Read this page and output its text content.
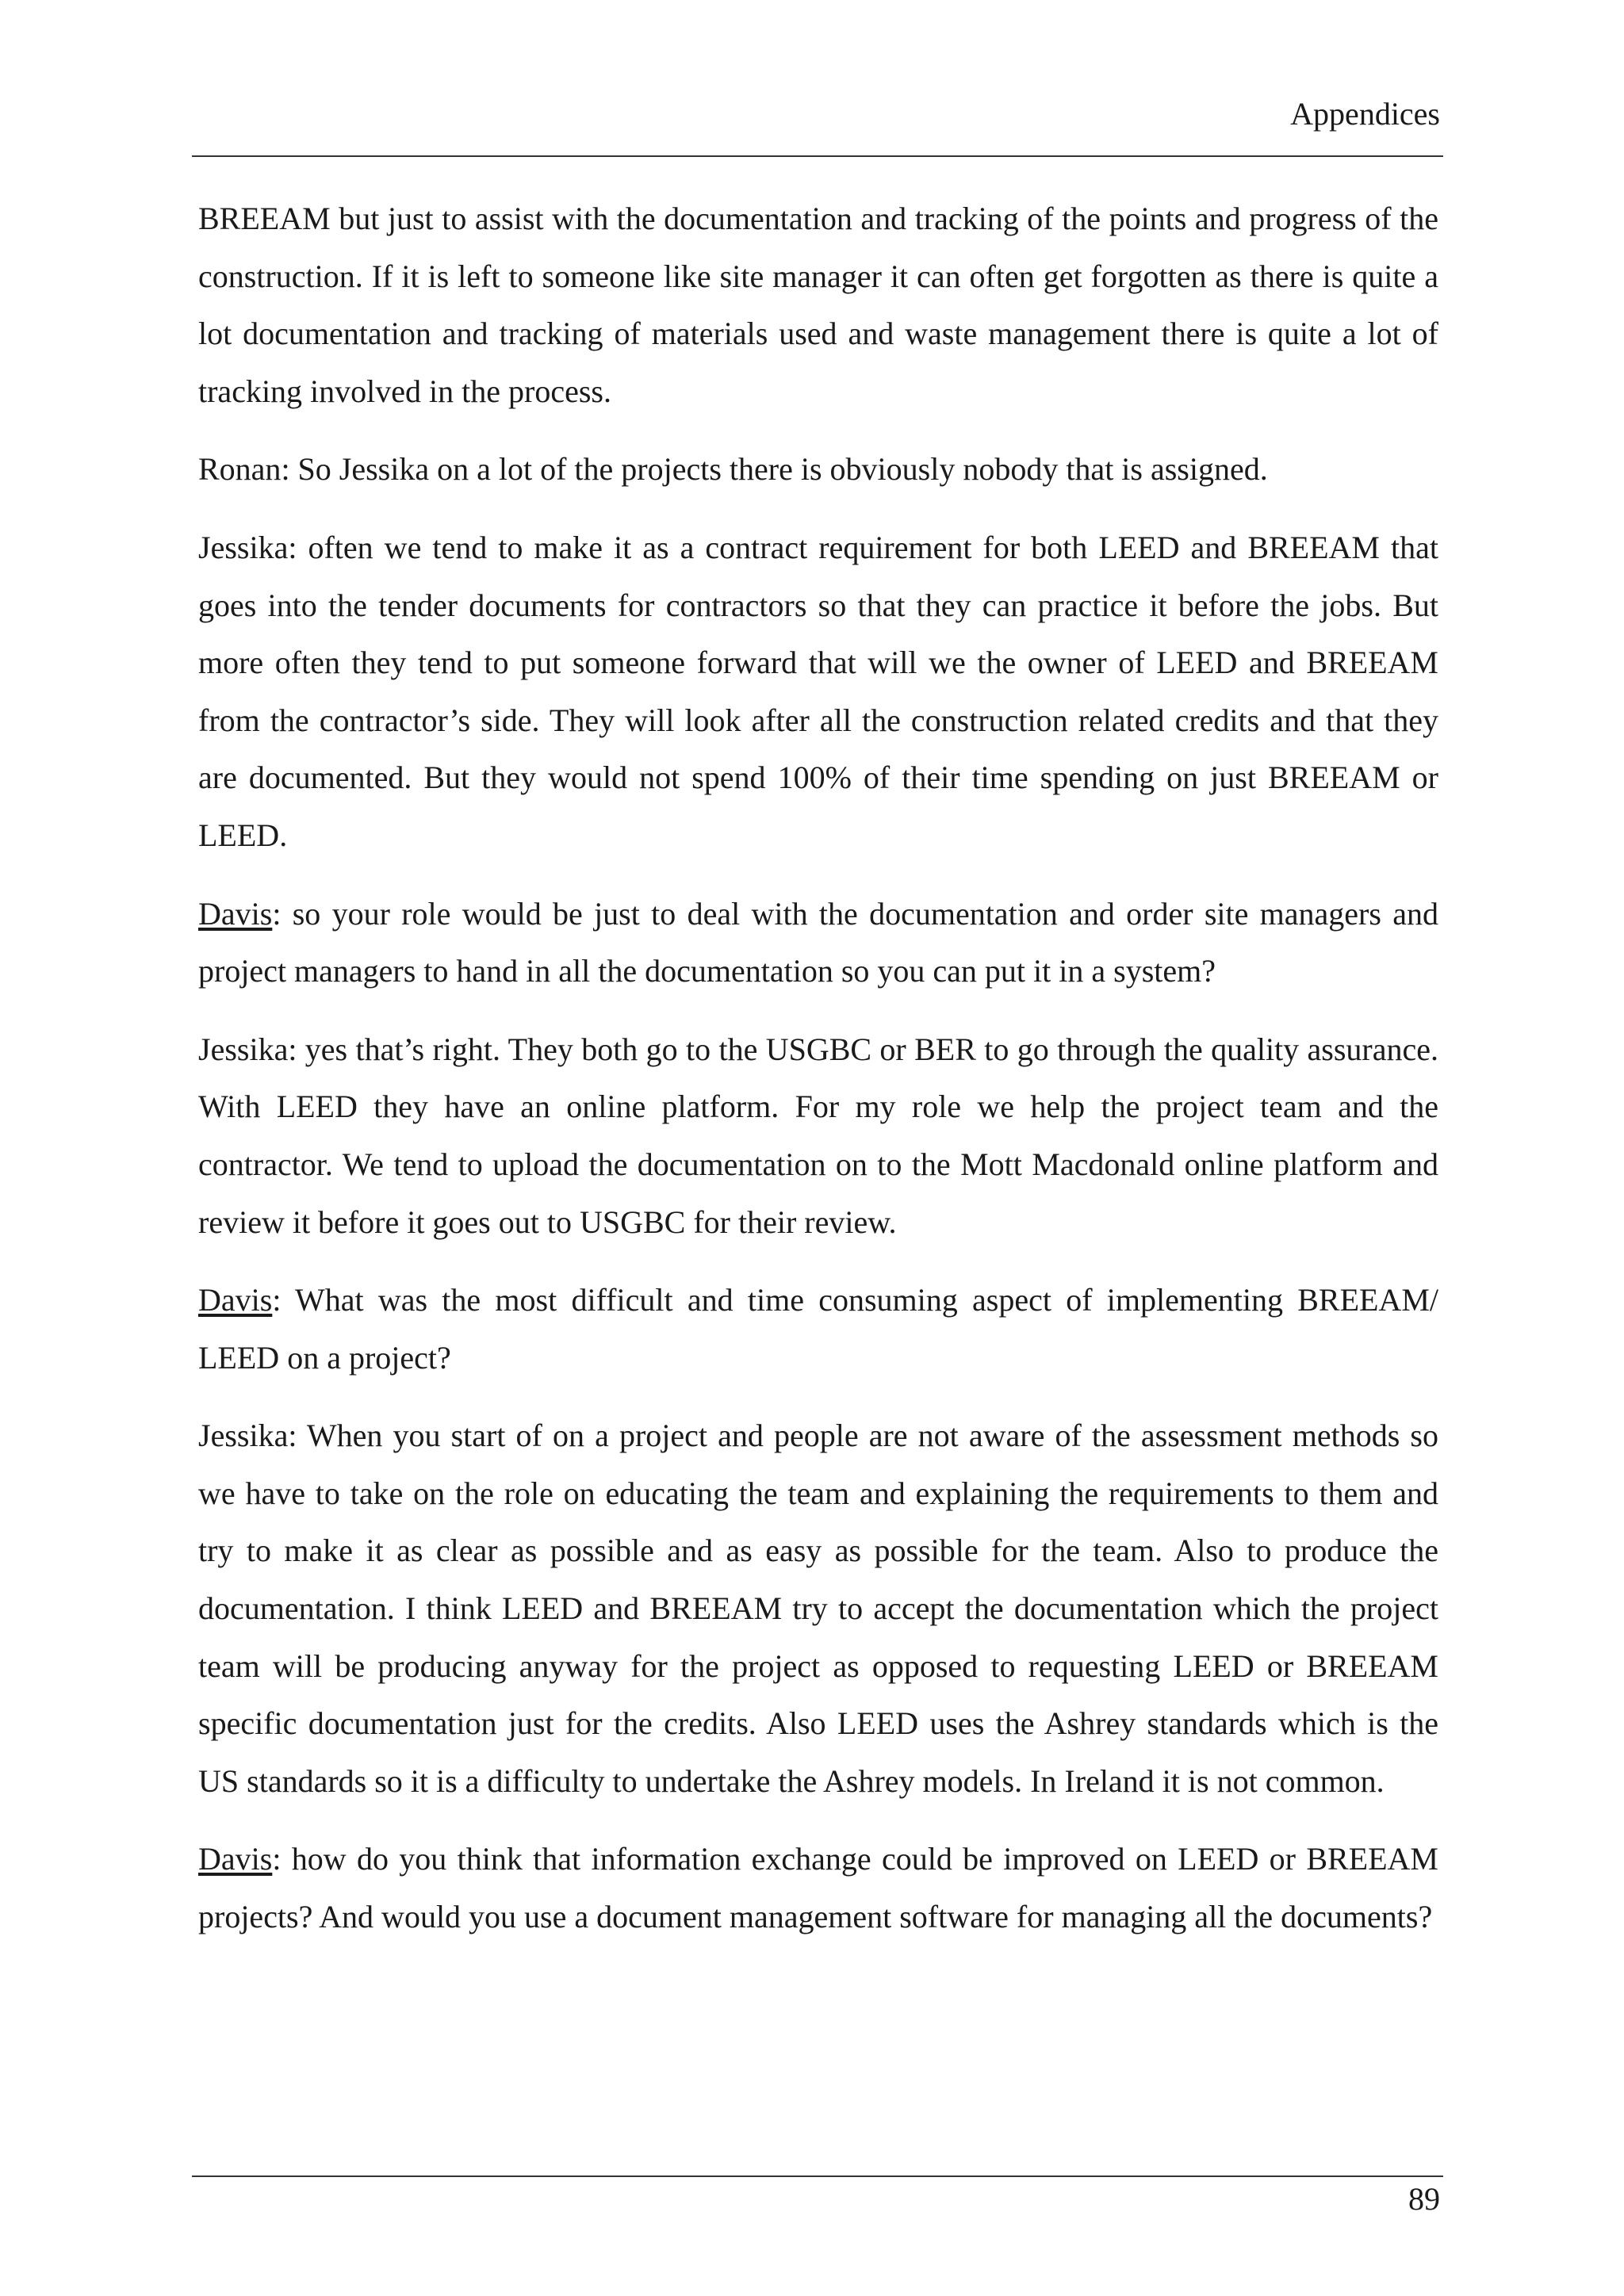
Appendices

BREEAM but just to assist with the documentation and tracking of the points and progress of the construction. If it is left to someone like site manager it can often get forgotten as there is quite a lot documentation and tracking of materials used and waste management there is quite a lot of tracking involved in the process.

Ronan: So Jessika on a lot of the projects there is obviously nobody that is assigned.

Jessika: often we tend to make it as a contract requirement for both LEED and BREEAM that goes into the tender documents for contractors so that they can practice it before the jobs. But more often they tend to put someone forward that will we the owner of LEED and BREEAM from the contractor’s side. They will look after all the construction related credits and that they are documented. But they would not spend 100% of their time spending on just BREEAM or LEED.

Davis: so your role would be just to deal with the documentation and order site managers and project managers to hand in all the documentation so you can put it in a system?

Jessika: yes that’s right. They both go to the USGBC or BER to go through the quality assurance. With LEED they have an online platform. For my role we help the project team and the contractor. We tend to upload the documentation on to the Mott Macdonald online platform and review it before it goes out to USGBC for their review.

Davis: What was the most difficult and time consuming aspect of implementing BREEAM/ LEED on a project?

Jessika: When you start of on a project and people are not aware of the assessment methods so we have to take on the role on educating the team and explaining the requirements to them and try to make it as clear as possible and as easy as possible for the team. Also to produce the documentation. I think LEED and BREEAM try to accept the documentation which the project team will be producing anyway for the project as opposed to requesting LEED or BREEAM specific documentation just for the credits. Also LEED uses the Ashrey standards which is the US standards so it is a difficulty to undertake the Ashrey models. In Ireland it is not common.

Davis: how do you think that information exchange could be improved on LEED or BREEAM projects? And would you use a document management software for managing all the documents?

89
